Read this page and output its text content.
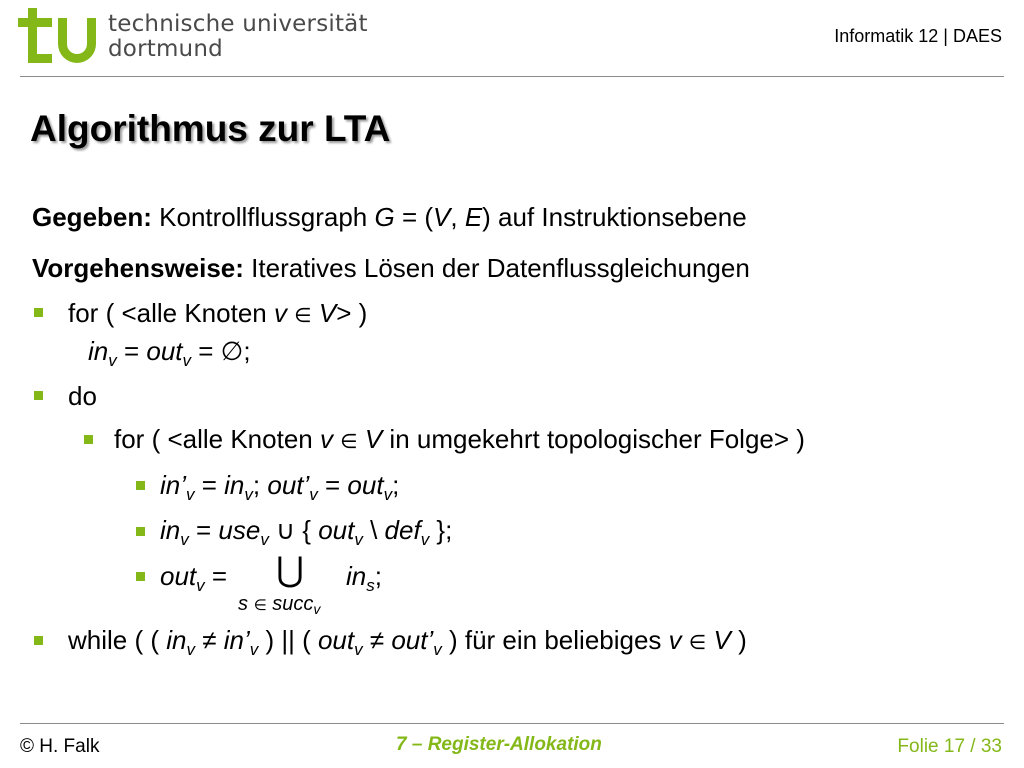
technische universität
dortmund	Informatik 12 | DAES
Algorithmus zur LTA
Gegeben: Kontrollflussgraph G = (V, E) auf Instruktionsebene
Vorgehensweise: Iteratives Lösen der Datenflussgleichungen
for ( <alle Knoten v ∈ V> )
$in_v = out_v$ = ∅;
do
for ( <alle Knoten v ∈ V in umgekehrt topologischer Folge> )
$in’_v = in_v$; $out’_v = out_v$;
$in_v = use_v$ ∪ { out$_v$ \ def$_v$ };
out$_v$ = ⋃ $in_s$;
s ∈ succ$_v$
while ( ( $in_v$ ≠ $in’_v$ ) || ( $out_v \ne out’_v$ ) für ein beliebiges v ∈ V )
© H. Falk	7 – Register-Allokation	Folie 17 / 33
